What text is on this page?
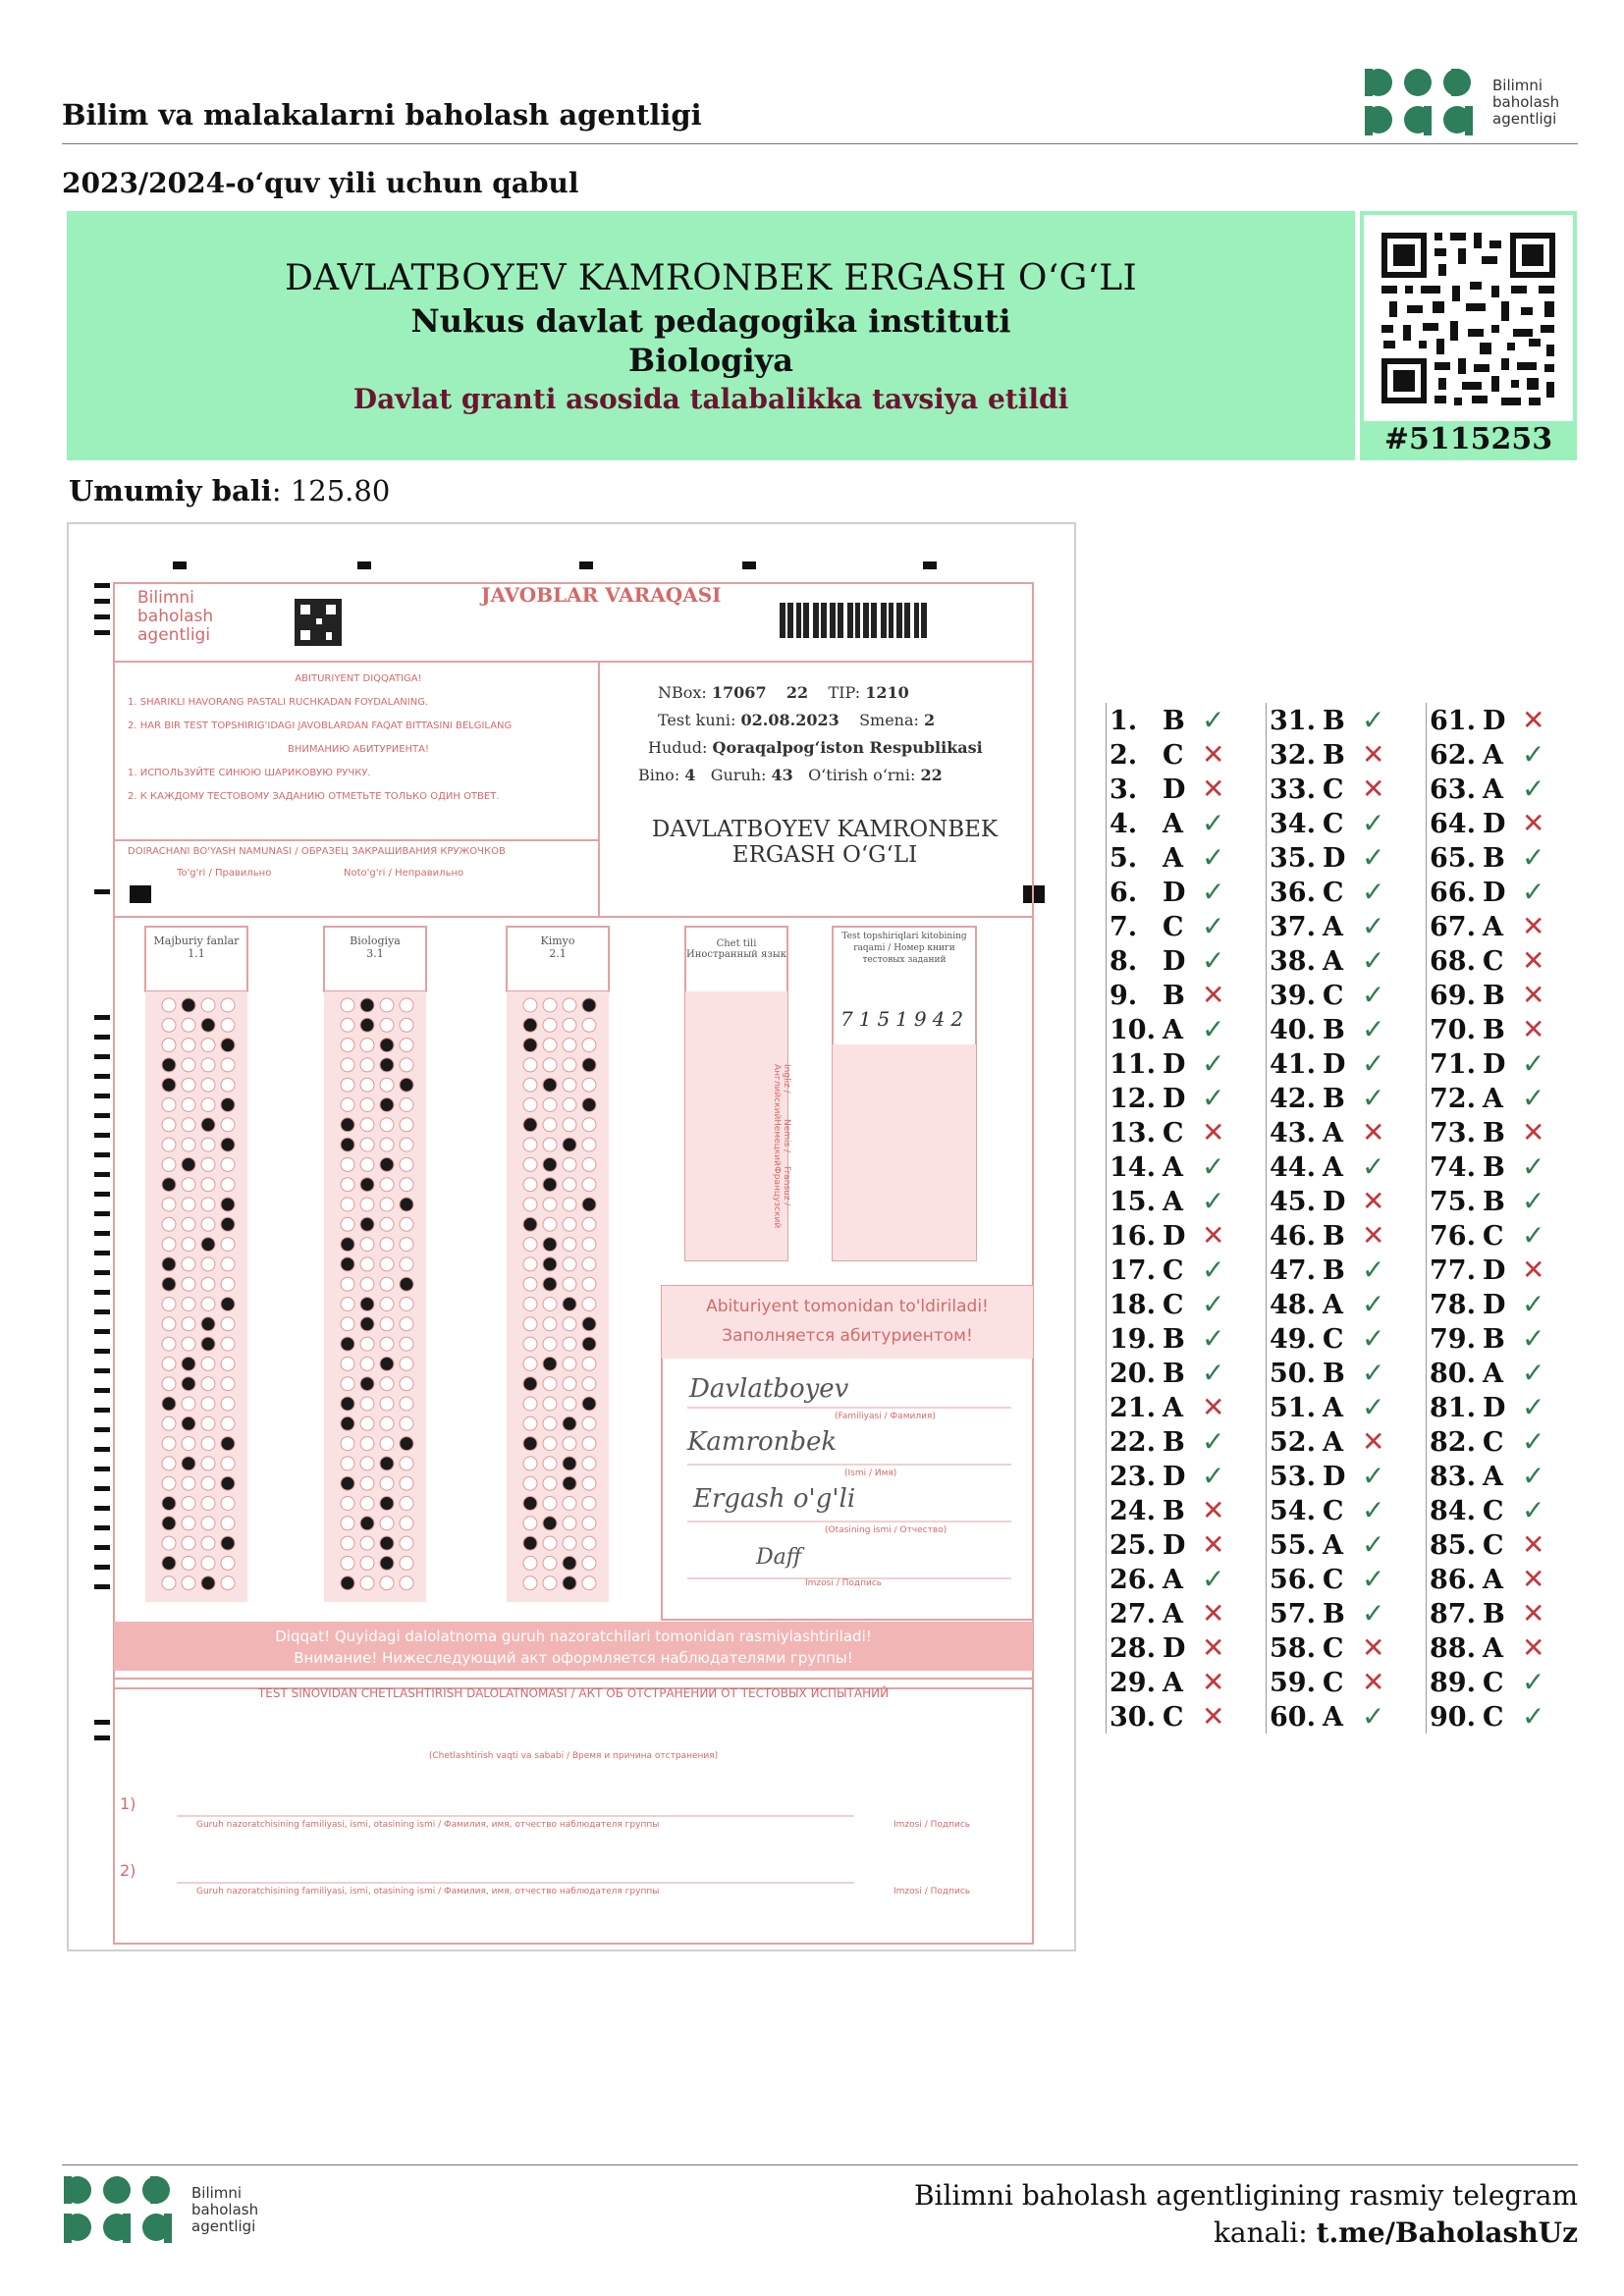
Bilim va malakalarni baholash agentligi
Bilimni
baholash
agentligi
2023/2024-o‘quv yili uchun qabul
DAVLATBOYEV KAMRONBEK ERGASH O‘G‘LI
Nukus davlat pedagogika instituti
Biologiya
Davlat granti asosida talabalikka tavsiya etildi
#5115253
Umumiy bali: 125.80
Bilimni
baholash
agentligi
JAVOBLAR VARAQASI
ABITURIYENT DIQQATIGA!
1. SHARIKLI HAVORANG PASTALI RUCHKADAN FOYDALANING.
2. HAR BIR TEST TOPSHIRIG'IDAGI JAVOBLARDAN FAQAT BITTASINI BELGILANG
ВНИМАНИЮ АБИТУРИЕНТА!
1. ИСПОЛЬЗУЙТЕ СИНЮЮ ШАРИКОВУЮ РУЧКУ.
2. К КАЖДОМУ ТЕСТОВОМУ ЗАДАНИЮ ОТМЕТЬТЕ ТОЛЬКО ОДИН ОТВЕТ.
DOIRACHANI BO'YASH NAMUNASI / ОБРАЗЕЦ ЗАКРАШИВАНИЯ КРУЖОЧКОВ
To'g'ri / Правильно	Noto'g'ri / Неправильно
NBox: 17067 22 TIP: 1210
Test kuni: 02.08.2023 Smena: 2
Hudud: Qoraqalpog‘iston Respublikasi
Bino: 4 Guruh: 43 O‘tirish o‘rni: 22
DAVLATBOYEV KAMRONBEK
ERGASH O‘G‘LI
Majburiy fanlar
1.1
Biologiya
3.1
Kimyo
2.1
Chet tili
Иностранный язык
Test topshiriqlari kitobining raqami / Номер книги тестовых заданий
7151942
Ingliz / Английский
Nemis / Немецкий
Fransuz / Французский
Abituriyent tomonidan to'ldiriladi!
Заполняется абитуриентом!
Davlatboyev
(Familiyasi / Фамилия)
Kamronbek
(Ismi / Имя)
Ergash o'g'li
(Otasining ismi / Отчество)
Daff
Imzosi / Подпись
Diqqat! Quyidagi dalolatnoma guruh nazoratchilari tomonidan rasmiylashtiriladi!
Внимание! Нижеследующий акт оформляется наблюдателями группы!
TEST SINOVIDAN CHETLASHTIRISH DALOLATNOMASI / АКТ ОБ ОТСТРАНЕНИИ ОТ ТЕСТОВЫХ ИСПЫТАНИЙ
(Chetlashtirish vaqti va sababi / Время и причина отстранения)
1)
Guruh nazoratchisining familiyasi, ismi, otasining ismi / Фамилия, имя, отчество наблюдателя группы	Imzosi / Подпись
2)
Guruh nazoratchisining familiyasi, ismi, otasining ismi / Фамилия, имя, отчество наблюдателя группы	Imzosi / Подпись
1. B ✓
2. C ✕
3. D ✕
4. A ✓
5. A ✓
6. D ✓
7. C ✓
8. D ✓
9. B ✕
10. A ✓
11. D ✓
12. D ✓
13. C ✕
14. A ✓
15. A ✓
16. D ✕
17. C ✓
18. C ✓
19. B ✓
20. B ✓
21. A ✕
22. B ✓
23. D ✓
24. B ✕
25. D ✕
26. A ✓
27. A ✕
28. D ✕
29. A ✕
30. C ✕
31. B ✓
32. B ✕
33. C ✕
34. C ✓
35. D ✓
36. C ✓
37. A ✓
38. A ✓
39. C ✓
40. B ✓
41. D ✓
42. B ✓
43. A ✕
44. A ✓
45. D ✕
46. B ✕
47. B ✓
48. A ✓
49. C ✓
50. B ✓
51. A ✓
52. A ✕
53. D ✓
54. C ✓
55. A ✓
56. C ✓
57. B ✓
58. C ✕
59. C ✕
60. A ✓
61. D ✕
62. A ✓
63. A ✓
64. D ✕
65. B ✓
66. D ✓
67. A ✕
68. C ✕
69. B ✕
70. B ✕
71. D ✓
72. A ✓
73. B ✕
74. B ✓
75. B ✓
76. C ✓
77. D ✕
78. D ✓
79. B ✓
80. A ✓
81. D ✓
82. C ✓
83. A ✓
84. C ✓
85. C ✕
86. A ✕
87. B ✕
88. A ✕
89. C ✓
90. C ✓
Bilimni
baholash
agentligi
Bilimni baholash agentligining rasmiy telegram
kanali: t.me/BaholashUz
